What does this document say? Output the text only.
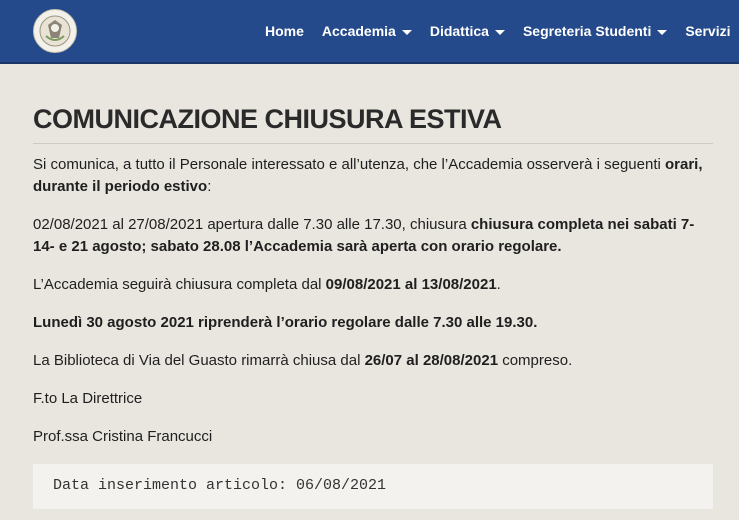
Home Accademia Didattica Segreteria Studenti Servizi
COMUNICAZIONE CHIUSURA ESTIVA

Si comunica, a tutto il Personale interessato e all’utenza, che l’Accademia osserverà i seguenti orari, durante il periodo estivo:

02/08/2021 al 27/08/2021 apertura dalle 7.30 alle 17.30, chiusura chiusura completa nei sabati 7-14- e 21 agosto; sabato 28.08 l’Accademia sarà aperta con orario regolare.

L’Accademia seguirà chiusura completa dal 09/08/2021 al 13/08/2021.

Lunedì 30 agosto 2021 riprenderà l’orario regolare dalle 7.30 alle 19.30.

La Biblioteca di Via del Guasto rimarrà chiusa dal 26/07 al 28/08/2021 compreso.

F.to La Direttrice

Prof.ssa Cristina Francucci

Data inserimento articolo: 06/08/2021
